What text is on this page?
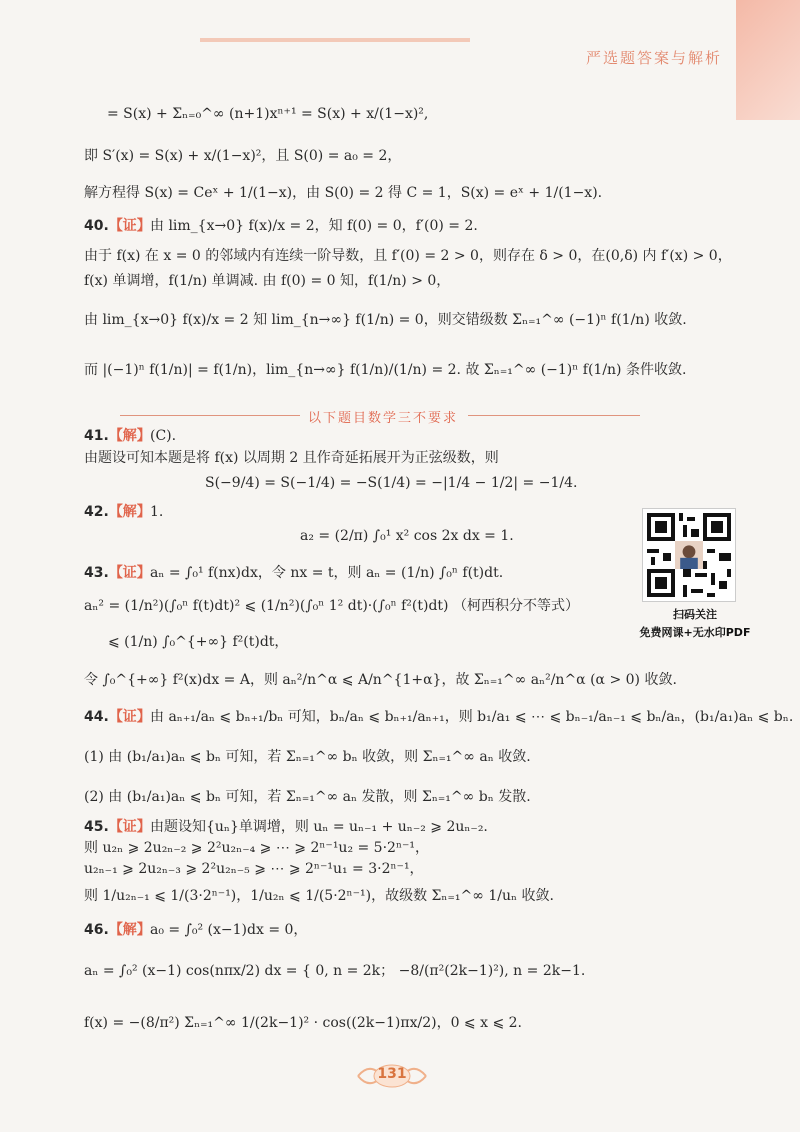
严选题答案与解析
= S(x) + Σₙ₌₀^∞ (n+1)xⁿ⁺¹ = S(x) + x/(1−x)²,
即 S′(x) = S(x) + x/(1−x)²，且 S(0) = a₀ = 2，
解方程得 S(x) = Ceˣ + 1/(1−x)，由 S(0) = 2 得 C = 1，S(x) = eˣ + 1/(1−x).
由 lim_{x→0} f(x)/x = 2，知 f(0) = 0，f′(0) = 2.
由于 f(x) 在 x = 0 的邻域内有连续一阶导数，且 f′(0) = 2 > 0，则存在 δ > 0，在(0,δ) 内 f′(x) > 0，
f(x) 单调增，f(1/n) 单调减. 由 f(0) = 0 知，f(1/n) > 0，
由 lim_{x→0} f(x)/x = 2 知 lim_{n→∞} f(1/n) = 0，则交错级数 Σₙ₌₁^∞ (−1)ⁿ f(1/n) 收敛.
而 |(−1)ⁿ f(1/n)| = f(1/n)，lim_{n→∞} f(1/n)/(1/n) = 2. 故 Σₙ₌₁^∞ (−1)ⁿ f(1/n) 条件收敛.
(C).
由题设可知本题是将 f(x) 以周期 2 且作奇延拓展开为正弦级数，则
S(−9/4) = S(−1/4) = −S(1/4) = −|1/4 − 1/2| = −1/4.
1.
a₂ = (2/π) ∫₀¹ x² cos 2x dx = 1.
aₙ = ∫₀¹ f(nx)dx，令 nx = t，则 aₙ = (1/n) ∫₀ⁿ f(t)dt.
aₙ² = (1/n²)(∫₀ⁿ f(t)dt)² ⩽ (1/n²)(∫₀ⁿ 1² dt)·(∫₀ⁿ f²(t)dt) （柯西积分不等式）
⩽ (1/n) ∫₀^{+∞} f²(t)dt，
令 ∫₀^{+∞} f²(x)dx = A，则 aₙ²/n^α ⩽ A/n^{1+α}，故 Σₙ₌₁^∞ aₙ²/n^α (α > 0) 收敛.
由 aₙ₊₁/aₙ ⩽ bₙ₊₁/bₙ 可知，bₙ/aₙ ⩽ bₙ₊₁/aₙ₊₁，则 b₁/a₁ ⩽ ⋯ ⩽ bₙ₋₁/aₙ₋₁ ⩽ bₙ/aₙ，(b₁/a₁)aₙ ⩽ bₙ.
(1) 由 (b₁/a₁)aₙ ⩽ bₙ 可知，若 Σₙ₌₁^∞ bₙ 收敛，则 Σₙ₌₁^∞ aₙ 收敛.
(2) 由 (b₁/a₁)aₙ ⩽ bₙ 可知，若 Σₙ₌₁^∞ aₙ 发散，则 Σₙ₌₁^∞ bₙ 发散.
由题设知{uₙ}单调增，则 uₙ = uₙ₋₁ + uₙ₋₂ ⩾ 2uₙ₋₂.
则 u₂ₙ ⩾ 2u₂ₙ₋₂ ⩾ 2²u₂ₙ₋₄ ⩾ ⋯ ⩾ 2ⁿ⁻¹u₂ = 5·2ⁿ⁻¹，
u₂ₙ₋₁ ⩾ 2u₂ₙ₋₃ ⩾ 2²u₂ₙ₋₅ ⩾ ⋯ ⩾ 2ⁿ⁻¹u₁ = 3·2ⁿ⁻¹，
则 1/u₂ₙ₋₁ ⩽ 1/(3·2ⁿ⁻¹)，1/u₂ₙ ⩽ 1/(5·2ⁿ⁻¹)，故级数 Σₙ₌₁^∞ 1/uₙ 收敛.
a₀ = ∫₀² (x−1)dx = 0，
aₙ = ∫₀² (x−1) cos(nπx/2) dx = { 0, n = 2k； −8/(π²(2k−1)²), n = 2k−1.
f(x) = −(8/π²) Σₙ₌₁^∞ 1/(2k−1)² · cos((2k−1)πx/2)，0 ⩽ x ⩽ 2.
40.【证】
41.【解】
42.【解】
43.【证】
44.【证】
45.【证】
46.【解】
以下题目数学三不要求
扫码关注
免费网课+无水印PDF
131
